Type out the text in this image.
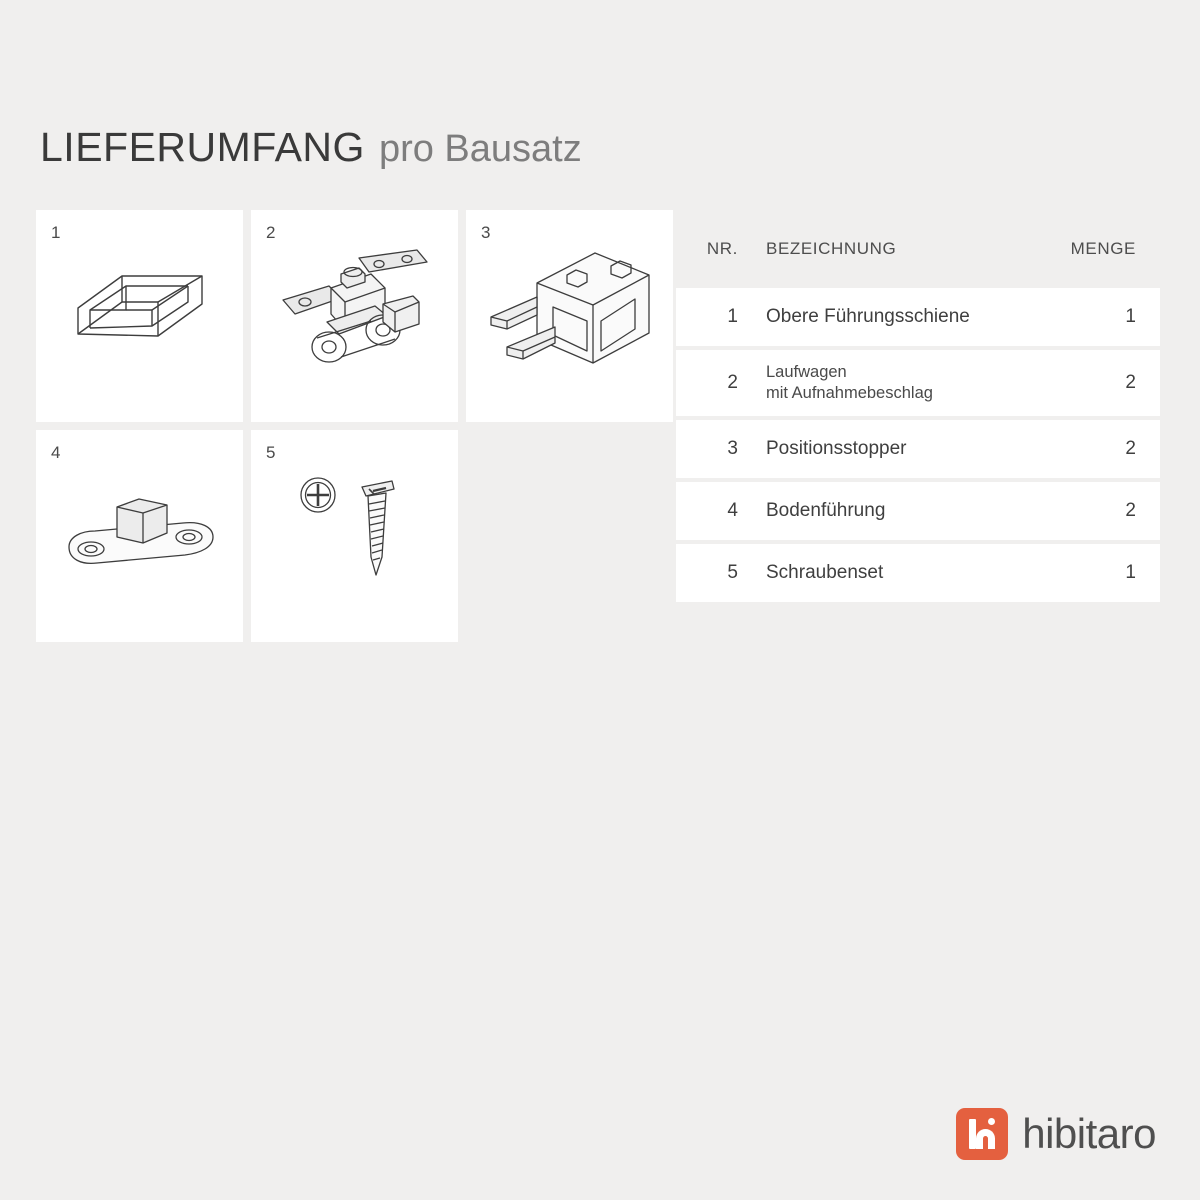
LIEFERUMFANG pro Bausatz
1	2	3
4	5
NR.	BEZEICHNUNG	MENGE
1	Obere Führungsschiene	1
2	Laufwagen
mit Aufnahmebeschlag	2
3	Positionsstopper	2
4	Bodenführung	2
5	Schraubenset	1
hibitaro
